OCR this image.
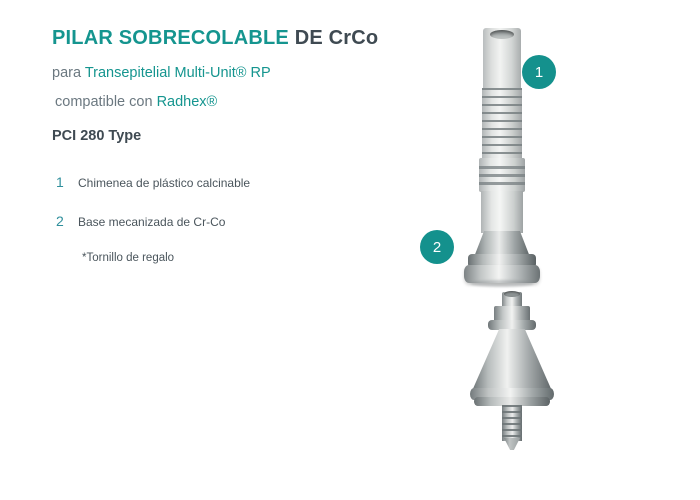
PILAR SOBRECOLABLE DE CrCo

para Transepitelial Multi-Unit® RP

compatible con Radhex®

PCI 280 Type

1	Chimenea de plástico calcinable
2	Base mecanizada de Cr-Co

*Tornillo de regalo

1
2
